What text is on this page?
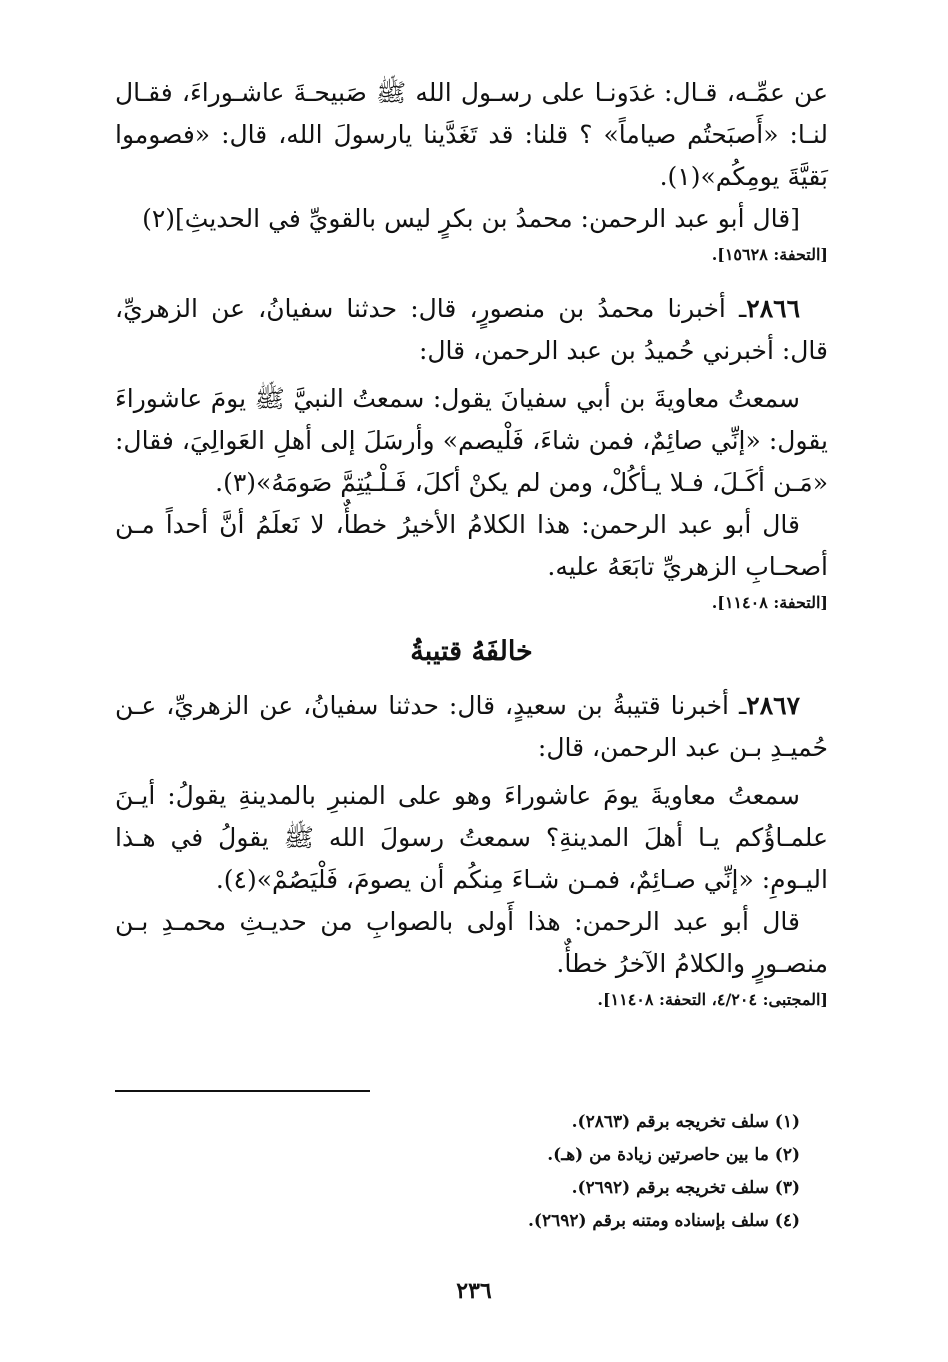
عن عمِّـه، قـال: غدَونـا على رسـول الله ﷺ صَبيحـةَ عاشـوراءَ، فقـال لنـا: «أَصبَحتُم صياماً» ؟ قلنا: قد تَغَدَّينا يارسولَ الله، قال: «فصوموا بَقيَّةَ يومِكُم»(١).

[قال أبو عبد الرحمن: محمدُ بن بكرٍ ليس بالقويِّ في الحديثِ](٢)

[التحفة: ١٥٦٢٨].

٢٨٦٦ـ أخبرنا محمدُ بن منصورٍ، قال: حدثنا سفيانُ، عن الزهريِّ، قال: أخبرني حُميدُ بن عبد الرحمن، قال:

سمعتُ معاويةَ بن أبي سفيانَ يقول: سمعتُ النبيَّ ﷺ يومَ عاشوراءَ يقول: «إنِّي صائِمٌ، فمن شاءَ، فَلْيصم» وأرسَلَ إلى أهلِ العَوالِيَ، فقال: «مَـن أكَـلَ، فـلا يـأكُلْ، ومن لم يكنْ أكلَ، فَـلْـيُتِمَّ صَومَهُ»(٣).

قال أبو عبد الرحمن: هذا الكلامُ الأخيرُ خطأٌ، لا نَعلَمُ أنَّ أحداً مـن أصحـابِ الزهريِّ تابَعَهُ عليه.

[التحفة: ١١٤٠٨].

خالفَهُ قتيبةُ

٢٨٦٧ـ أخبرنا قتيبةُ بن سعيدٍ، قال: حدثنا سفيانُ، عن الزهريِّ، عـن حُميـدِ بـن عبد الرحمن، قال:

سمعتُ معاويةَ يومَ عاشوراءَ وهو على المنبرِ بالمدينةِ يقولُ: أيـنَ علمـاؤُكم يـا أهلَ المدينةِ؟ سمعتُ رسولَ الله ﷺ يقولُ في هـذا اليـومِ: «إنِّي صـائِمٌ، فمـن شـاءَ مِنكُم أن يصومَ، فَلْيَصُمْ»(٤).

قال أبو عبد الرحمن: هذا أَولى بالصوابِ من حديـثِ محمـدِ بـن منصـورٍ والكلامُ الآخرُ خطأٌ.

[المجتبى: ٤/٢٠٤، التحفة: ١١٤٠٨].

(١) سلف تخريجه برقم (٢٨٦٣).

(٢) ما بين حاصرتين زيادة من (هـ).

(٣) سلف تخريجه برقم (٢٦٩٢).

(٤) سلف بإسناده ومتنه برقم (٢٦٩٢).

٢٣٦
